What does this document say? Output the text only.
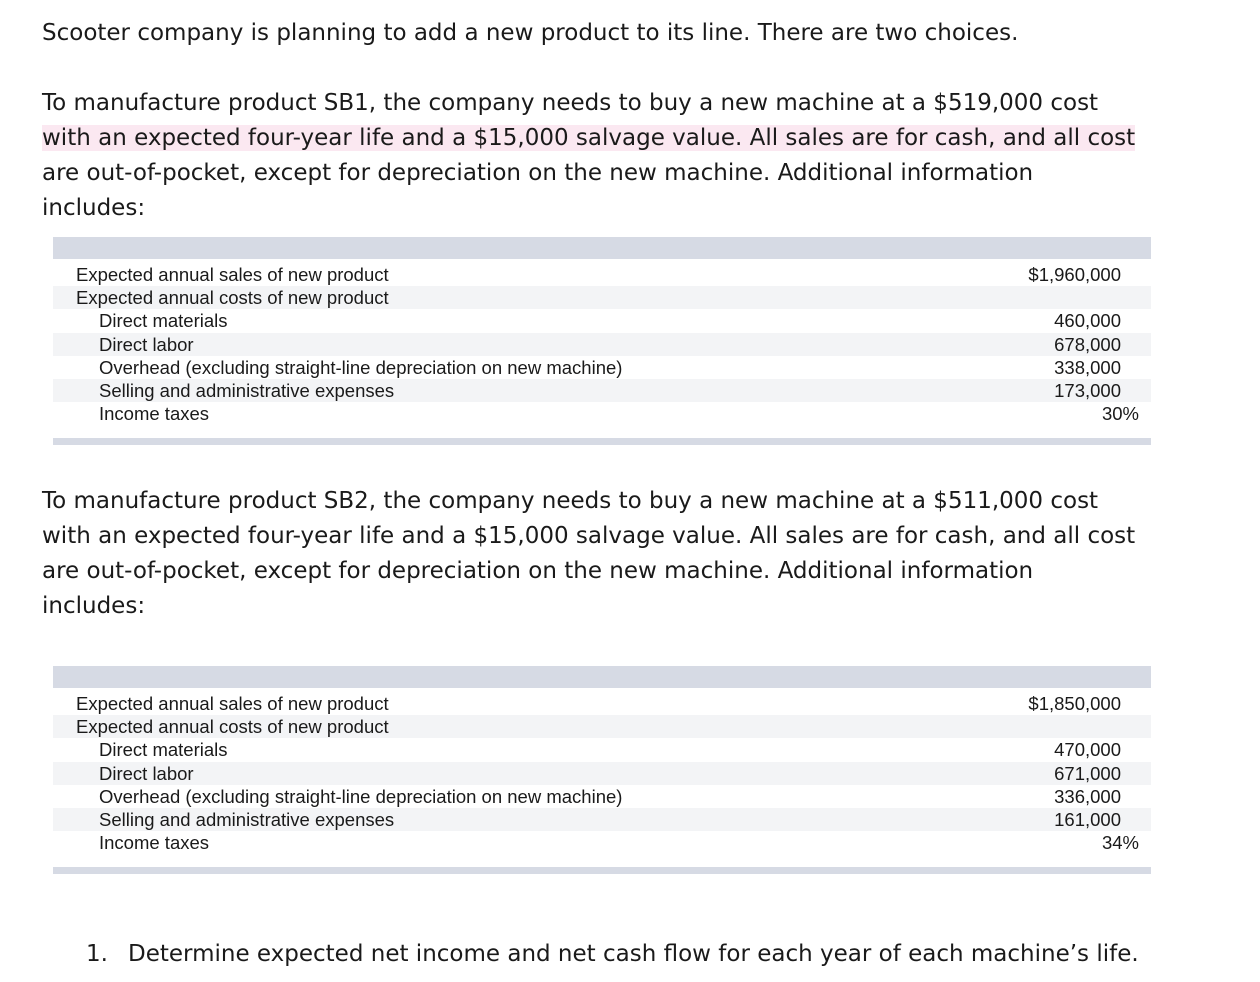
Scooter company is planning to add a new product to its line. There are two choices.
To manufacture product SB1, the company needs to buy a new machine at a $519,000 cost
with an expected four-year life and a $15,000 salvage value. All sales are for cash, and all cost
are out-of-pocket, except for depreciation on the new machine. Additional information
includes:
Expected annual sales of new product	$1,960,000
Expected annual costs of new product
Direct materials	460,000
Direct labor	678,000
Overhead (excluding straight-line depreciation on new machine)	338,000
Selling and administrative expenses	173,000
Income taxes	30%
To manufacture product SB2, the company needs to buy a new machine at a $511,000 cost
with an expected four-year life and a $15,000 salvage value. All sales are for cash, and all cost
are out-of-pocket, except for depreciation on the new machine. Additional information
includes:
Expected annual sales of new product	$1,850,000
Expected annual costs of new product
Direct materials	470,000
Direct labor	671,000
Overhead (excluding straight-line depreciation on new machine)	336,000
Selling and administrative expenses	161,000
Income taxes	34%
1. Determine expected net income and net cash flow for each year of each machine’s life.
